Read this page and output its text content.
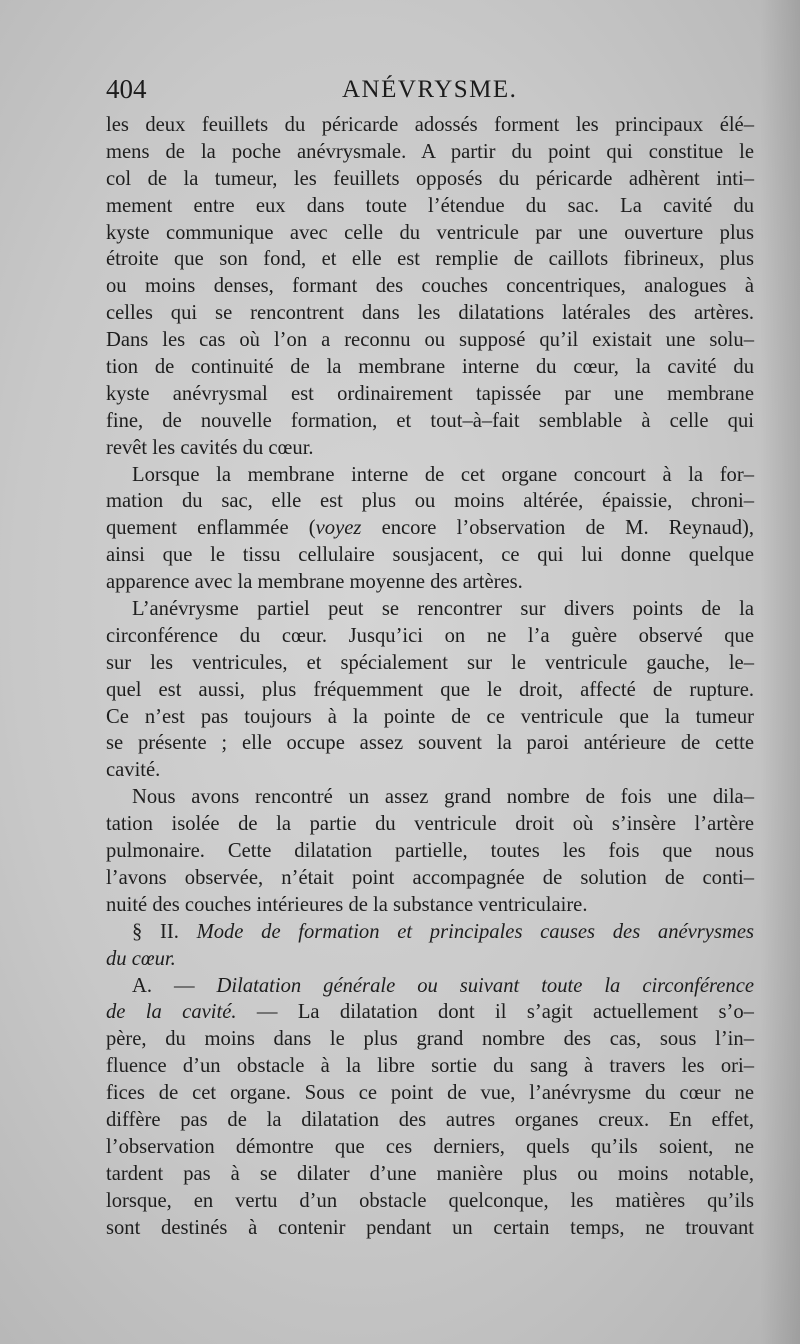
404	ANÉVRYSME.
les deux feuillets du péricarde adossés forment les principaux élé–
mens de la poche anévrysmale. A partir du point qui constitue le
col de la tumeur, les feuillets opposés du péricarde adhèrent inti–
mement entre eux dans toute l’étendue du sac. La cavité du
kyste communique avec celle du ventricule par une ouverture plus
étroite que son fond, et elle est remplie de caillots fibrineux, plus
ou moins denses, formant des couches concentriques, analogues à
celles qui se rencontrent dans les dilatations latérales des artères.
Dans les cas où l’on a reconnu ou supposé qu’il existait une solu–
tion de continuité de la membrane interne du cœur, la cavité du
kyste anévrysmal est ordinairement tapissée par une membrane
fine, de nouvelle formation, et tout–à–fait semblable à celle qui
revêt les cavités du cœur.
Lorsque la membrane interne de cet organe concourt à la for–
mation du sac, elle est plus ou moins altérée, épaissie, chroni–
quement enflammée (voyez encore l’observation de M. Reynaud),
ainsi que le tissu cellulaire sousjacent, ce qui lui donne quelque
apparence avec la membrane moyenne des artères.
L’anévrysme partiel peut se rencontrer sur divers points de la
circonférence du cœur. Jusqu’ici on ne l’a guère observé que
sur les ventricules, et spécialement sur le ventricule gauche, le–
quel est aussi, plus fréquemment que le droit, affecté de rupture.
Ce n’est pas toujours à la pointe de ce ventricule que la tumeur
se présente ; elle occupe assez souvent la paroi antérieure de cette
cavité.
Nous avons rencontré un assez grand nombre de fois une dila–
tation isolée de la partie du ventricule droit où s’insère l’artère
pulmonaire. Cette dilatation partielle, toutes les fois que nous
l’avons observée, n’était point accompagnée de solution de conti–
nuité des couches intérieures de la substance ventriculaire.
§ II. Mode de formation et principales causes des anévrysmes
du cœur.
A. — Dilatation générale ou suivant toute la circonférence
de la cavité. — La dilatation dont il s’agit actuellement s’o–
père, du moins dans le plus grand nombre des cas, sous l’in–
fluence d’un obstacle à la libre sortie du sang à travers les ori–
fices de cet organe. Sous ce point de vue, l’anévrysme du cœur ne
diffère pas de la dilatation des autres organes creux. En effet,
l’observation démontre que ces derniers, quels qu’ils soient, ne
tardent pas à se dilater d’une manière plus ou moins notable,
lorsque, en vertu d’un obstacle quelconque, les matières qu’ils
sont destinés à contenir pendant un certain temps, ne trouvant
